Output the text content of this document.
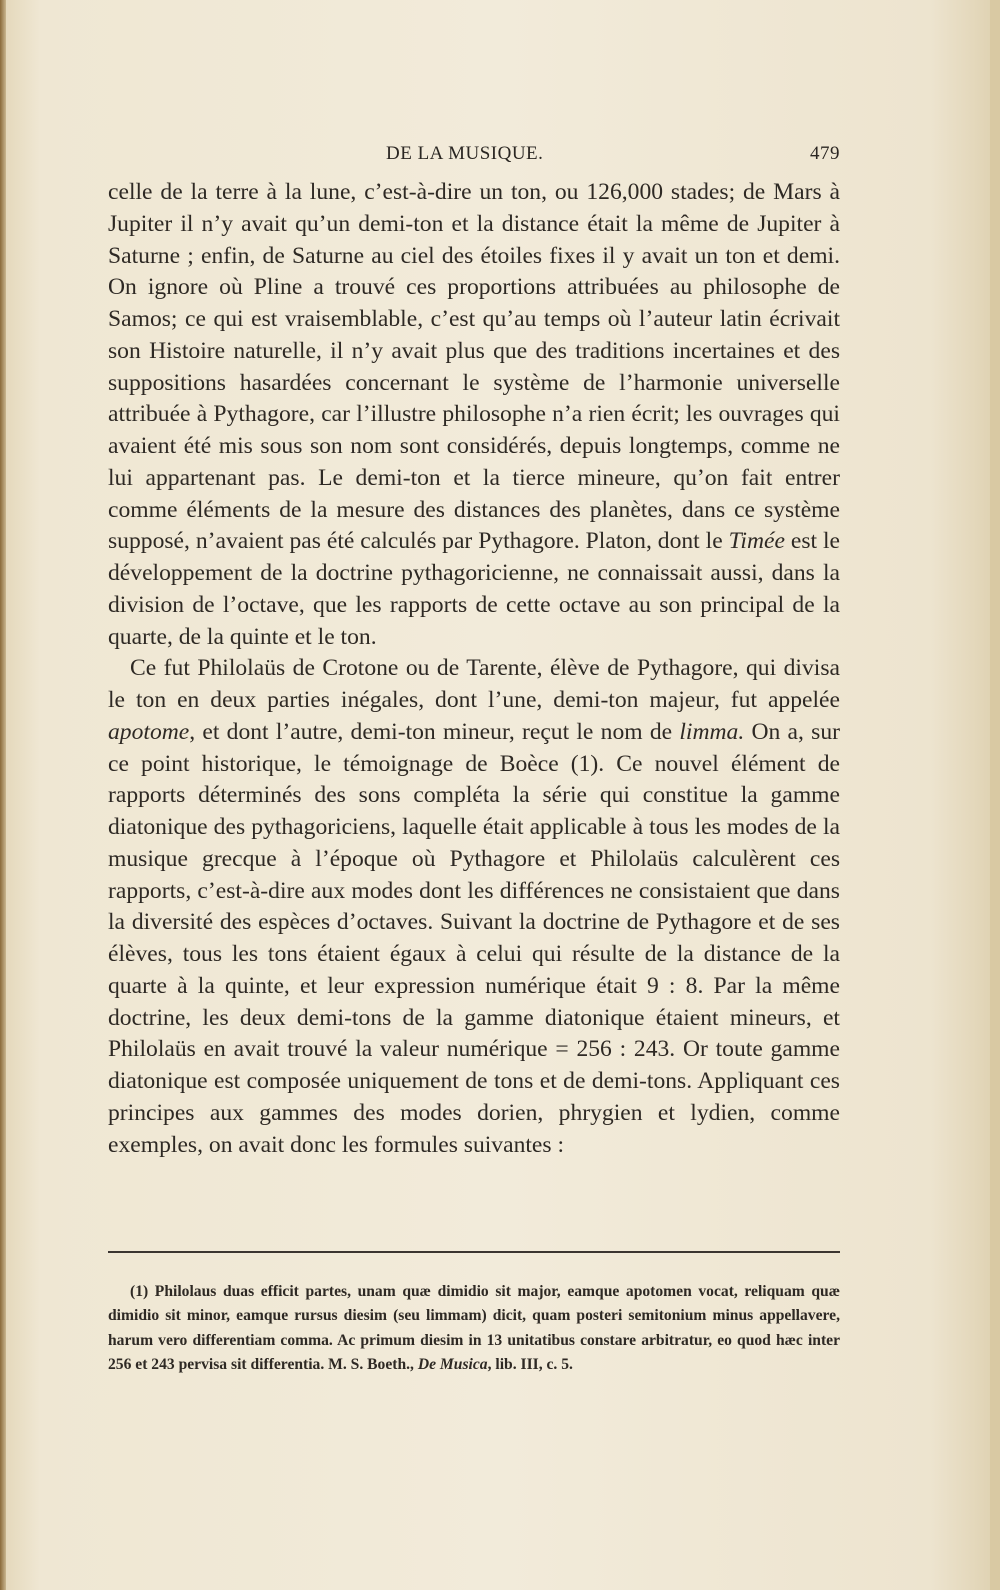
DE LA MUSIQUE.	479

celle de la terre à la lune, c’est-à-dire un ton, ou 126,000 stades; de Mars à Jupiter il n’y avait qu’un demi-ton et la distance était la même de Jupiter à Saturne ; enfin, de Saturne au ciel des étoiles fixes il y avait un ton et demi. On ignore où Pline a trouvé ces proportions attribuées au philosophe de Samos; ce qui est vraisemblable, c’est qu’au temps où l’auteur latin écrivait son Histoire naturelle, il n’y avait plus que des traditions incertaines et des suppositions hasardées concernant le système de l’harmonie universelle attribuée à Pythagore, car l’illustre philosophe n’a rien écrit; les ouvrages qui avaient été mis sous son nom sont considérés, depuis longtemps, comme ne lui appartenant pas. Le demi-ton et la tierce mineure, qu’on fait entrer comme éléments de la mesure des distances des planètes, dans ce système supposé, n’avaient pas été calculés par Pythagore. Platon, dont le Timée est le développement de la doctrine pythagoricienne, ne connaissait aussi, dans la division de l’octave, que les rapports de cette octave au son principal de la quarte, de la quinte et le ton.

Ce fut Philolaüs de Crotone ou de Tarente, élève de Pythagore, qui divisa le ton en deux parties inégales, dont l’une, demi-ton majeur, fut appelée apotome, et dont l’autre, demi-ton mineur, reçut le nom de limma. On a, sur ce point historique, le témoignage de Boèce (1). Ce nouvel élément de rapports déterminés des sons compléta la série qui constitue la gamme diatonique des pythagoriciens, laquelle était applicable à tous les modes de la musique grecque à l’époque où Pythagore et Philolaüs calculèrent ces rapports, c’est-à-dire aux modes dont les différences ne consistaient que dans la diversité des espèces d’octaves. Suivant la doctrine de Pythagore et de ses élèves, tous les tons étaient égaux à celui qui résulte de la distance de la quarte à la quinte, et leur expression numérique était 9 : 8. Par la même doctrine, les deux demi-tons de la gamme diatonique étaient mineurs, et Philolaüs en avait trouvé la valeur numérique = 256 : 243. Or toute gamme diatonique est composée uniquement de tons et de demi-tons. Appliquant ces principes aux gammes des modes dorien, phrygien et lydien, comme exemples, on avait donc les formules suivantes :

(1) Philolaus duas efficit partes, unam quæ dimidio sit major, eamque apotomen vocat, reliquam quæ dimidio sit minor, eamque rursus diesim (seu limmam) dicit, quam posteri semitonium minus appellavere, harum vero differentiam comma. Ac primum diesim in 13 unitatibus constare arbitratur, eo quod hæc inter 256 et 243 pervisa sit differentia. M. S. Boeth., De Musica, lib. III, c. 5.
